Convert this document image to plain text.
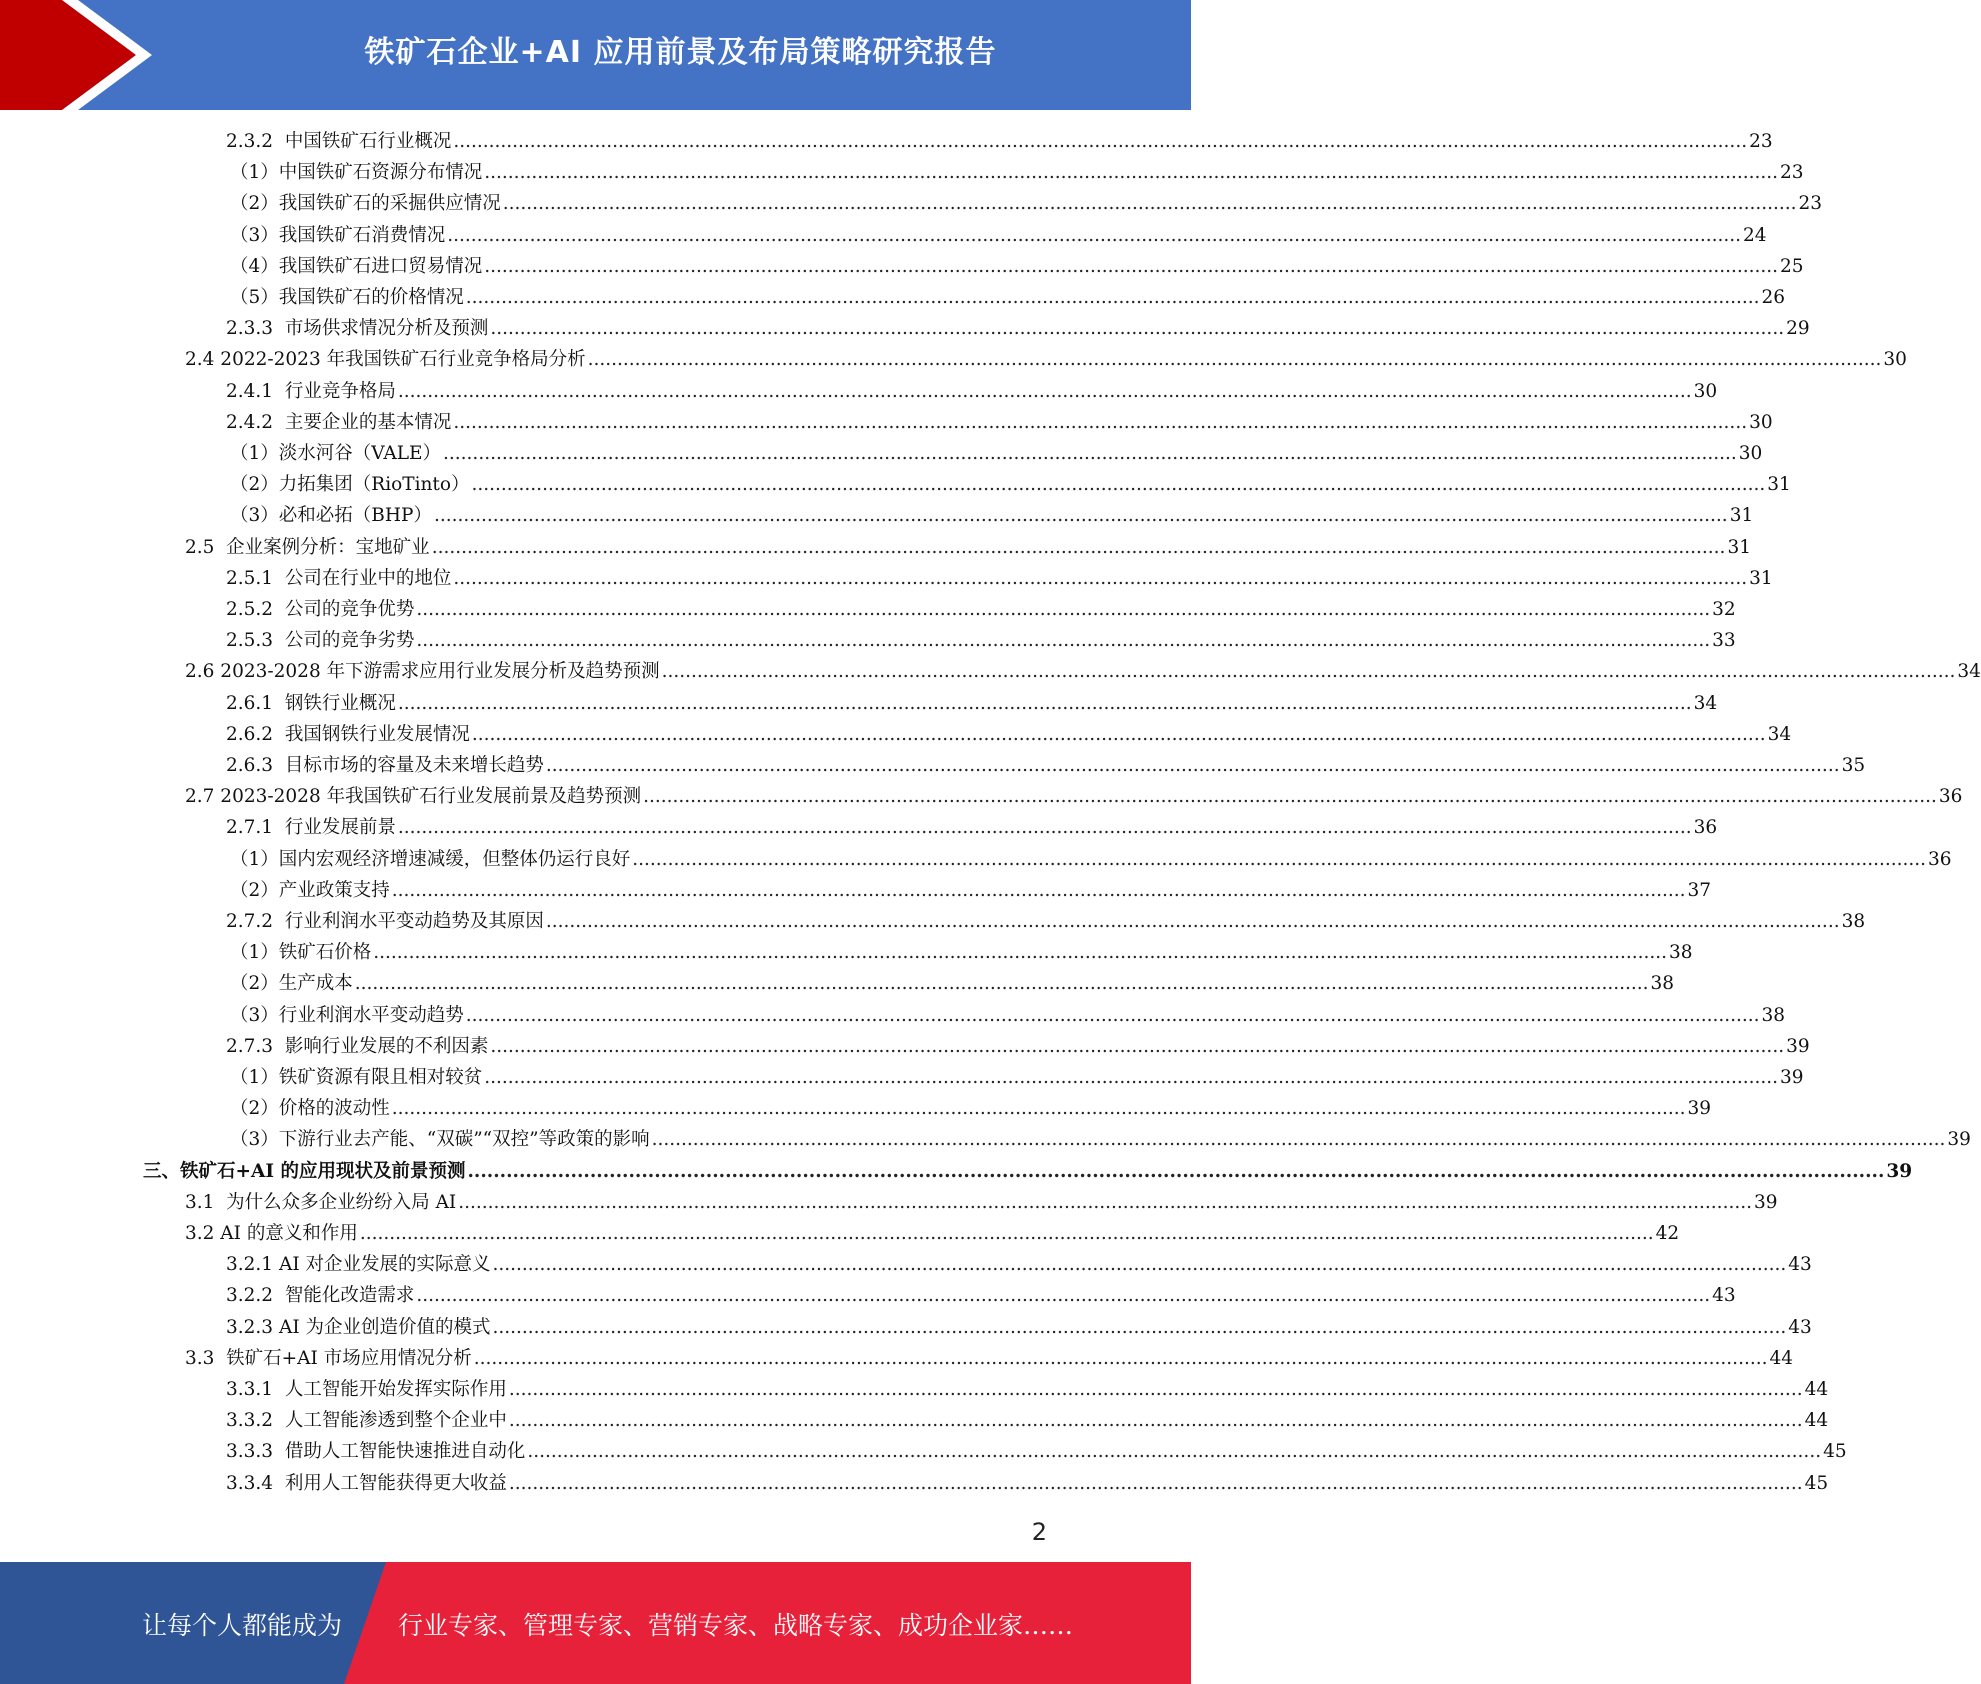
铁矿石企业+AI 应用前景及布局策略研究报告
2.3.2  中国铁矿石行业概况 ............................................................................................................................................................................................................................ 23
（1）中国铁矿石资源分布情况 ............................................................................................................................................................................................................................ 23
（2）我国铁矿石的采掘供应情况 ............................................................................................................................................................................................................................ 23
（3）我国铁矿石消费情况 ............................................................................................................................................................................................................................ 24
（4）我国铁矿石进口贸易情况 ............................................................................................................................................................................................................................ 25
（5）我国铁矿石的价格情况 ............................................................................................................................................................................................................................ 26
2.3.3  市场供求情况分析及预测 ............................................................................................................................................................................................................................ 29
2.4 2022-2023 年我国铁矿石行业竞争格局分析 ............................................................................................................................................................................................................................ 30
2.4.1  行业竞争格局 ............................................................................................................................................................................................................................ 30
2.4.2  主要企业的基本情况 ............................................................................................................................................................................................................................ 30
（1）淡水河谷（VALE） ............................................................................................................................................................................................................................ 30
（2）力拓集团（RioTinto） ............................................................................................................................................................................................................................ 31
（3）必和必拓（BHP） ............................................................................................................................................................................................................................ 31
2.5  企业案例分析：宝地矿业 ............................................................................................................................................................................................................................ 31
2.5.1  公司在行业中的地位 ............................................................................................................................................................................................................................ 31
2.5.2  公司的竞争优势 ............................................................................................................................................................................................................................ 32
2.5.3  公司的竞争劣势 ............................................................................................................................................................................................................................ 33
2.6 2023-2028 年下游需求应用行业发展分析及趋势预测 ............................................................................................................................................................................................................................ 34
2.6.1  钢铁行业概况 ............................................................................................................................................................................................................................ 34
2.6.2  我国钢铁行业发展情况 ............................................................................................................................................................................................................................ 34
2.6.3  目标市场的容量及未来增长趋势 ............................................................................................................................................................................................................................ 35
2.7 2023-2028 年我国铁矿石行业发展前景及趋势预测 ............................................................................................................................................................................................................................ 36
2.7.1  行业发展前景 ............................................................................................................................................................................................................................ 36
（1）国内宏观经济增速减缓，但整体仍运行良好 ............................................................................................................................................................................................................................ 36
（2）产业政策支持 ............................................................................................................................................................................................................................ 37
2.7.2  行业利润水平变动趋势及其原因 ............................................................................................................................................................................................................................ 38
（1）铁矿石价格 ............................................................................................................................................................................................................................ 38
（2）生产成本 ............................................................................................................................................................................................................................ 38
（3）行业利润水平变动趋势 ............................................................................................................................................................................................................................ 38
2.7.3  影响行业发展的不利因素 ............................................................................................................................................................................................................................ 39
（1）铁矿资源有限且相对较贫 ............................................................................................................................................................................................................................ 39
（2）价格的波动性 ............................................................................................................................................................................................................................ 39
（3）下游行业去产能、“双碳”“双控”等政策的影响 ............................................................................................................................................................................................................................ 39
三、铁矿石+AI 的应用现状及前景预测 ............................................................................................................................................................................................................................ 39
3.1  为什么众多企业纷纷入局 AI ............................................................................................................................................................................................................................ 39
3.2 AI 的意义和作用 ............................................................................................................................................................................................................................ 42
3.2.1 AI 对企业发展的实际意义 ............................................................................................................................................................................................................................ 43
3.2.2  智能化改造需求 ............................................................................................................................................................................................................................ 43
3.2.3 AI 为企业创造价值的模式 ............................................................................................................................................................................................................................ 43
3.3  铁矿石+AI 市场应用情况分析 ............................................................................................................................................................................................................................ 44
3.3.1  人工智能开始发挥实际作用 ............................................................................................................................................................................................................................ 44
3.3.2  人工智能渗透到整个企业中 ............................................................................................................................................................................................................................ 44
3.3.3  借助人工智能快速推进自动化 ............................................................................................................................................................................................................................ 45
3.3.4  利用人工智能获得更大收益 ............................................................................................................................................................................................................................ 45
2
让每个人都能成为 行业专家、管理专家、营销专家、战略专家、成功企业家……
